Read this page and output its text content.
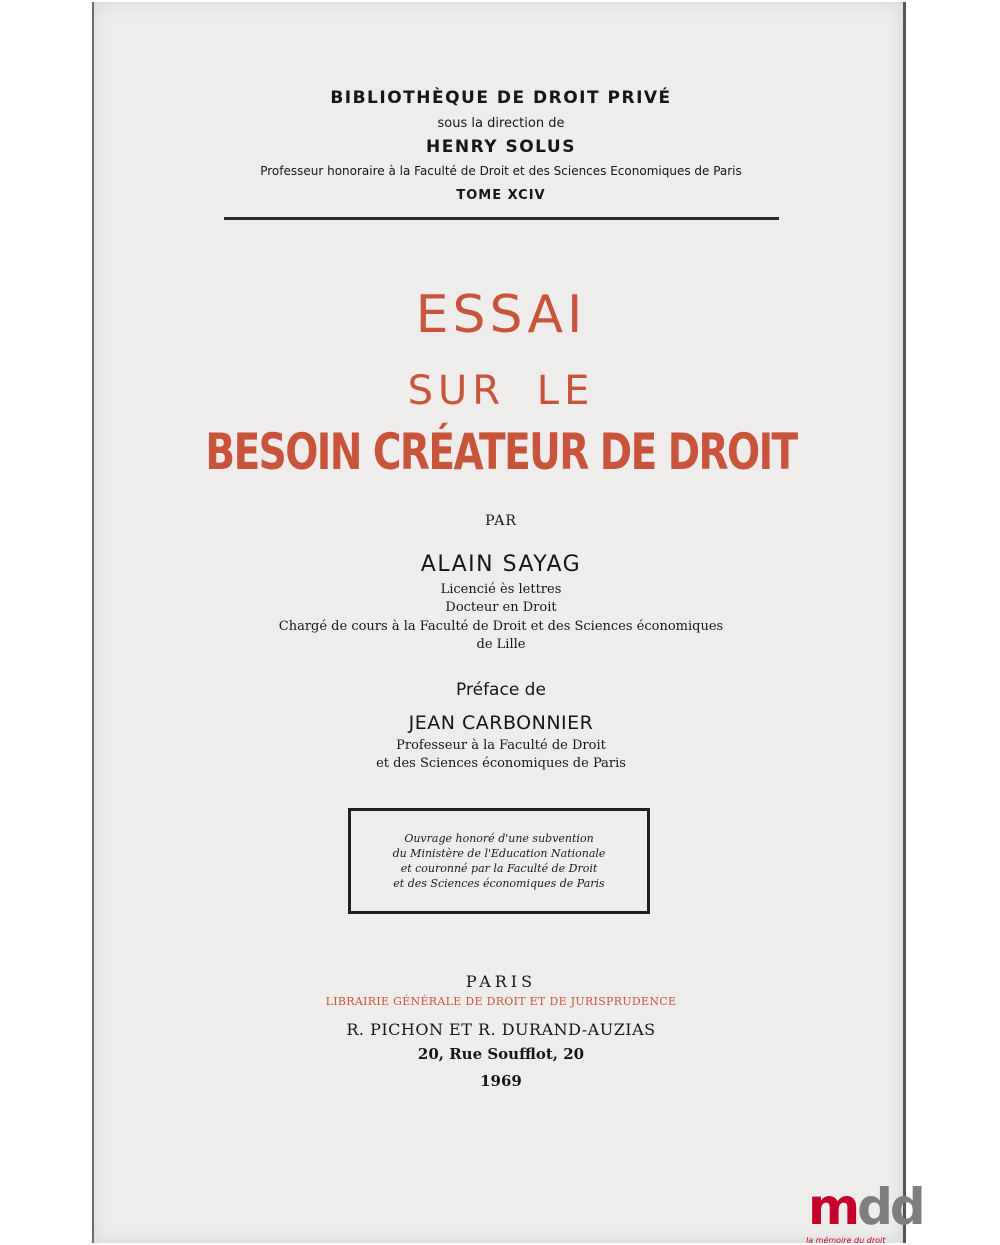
BIBLIOTHÈQUE DE DROIT PRIVÉ
sous la direction de
HENRY SOLUS
Professeur honoraire à la Faculté de Droit et des Sciences Economiques de Paris
TOME XCIV
ESSAI
SUR LE
BESOIN CRÉATEUR DE DROIT
PAR
ALAIN SAYAG
Licencié ès lettres
Docteur en Droit
Chargé de cours à la Faculté de Droit et des Sciences économiques
de Lille
Préface de
JEAN CARBONNIER
Professeur à la Faculté de Droit
et des Sciences économiques de Paris
Ouvrage honoré d'une subvention
du Ministère de l'Education Nationale
et couronné par la Faculté de Droit
et des Sciences économiques de Paris
PARIS
LIBRAIRIE GÉNÉRALE DE DROIT ET DE JURISPRUDENCE
R. PICHON ET R. DURAND-AUZIAS
20, Rue Soufflot, 20
1969
mdd
la mémoire du droit
